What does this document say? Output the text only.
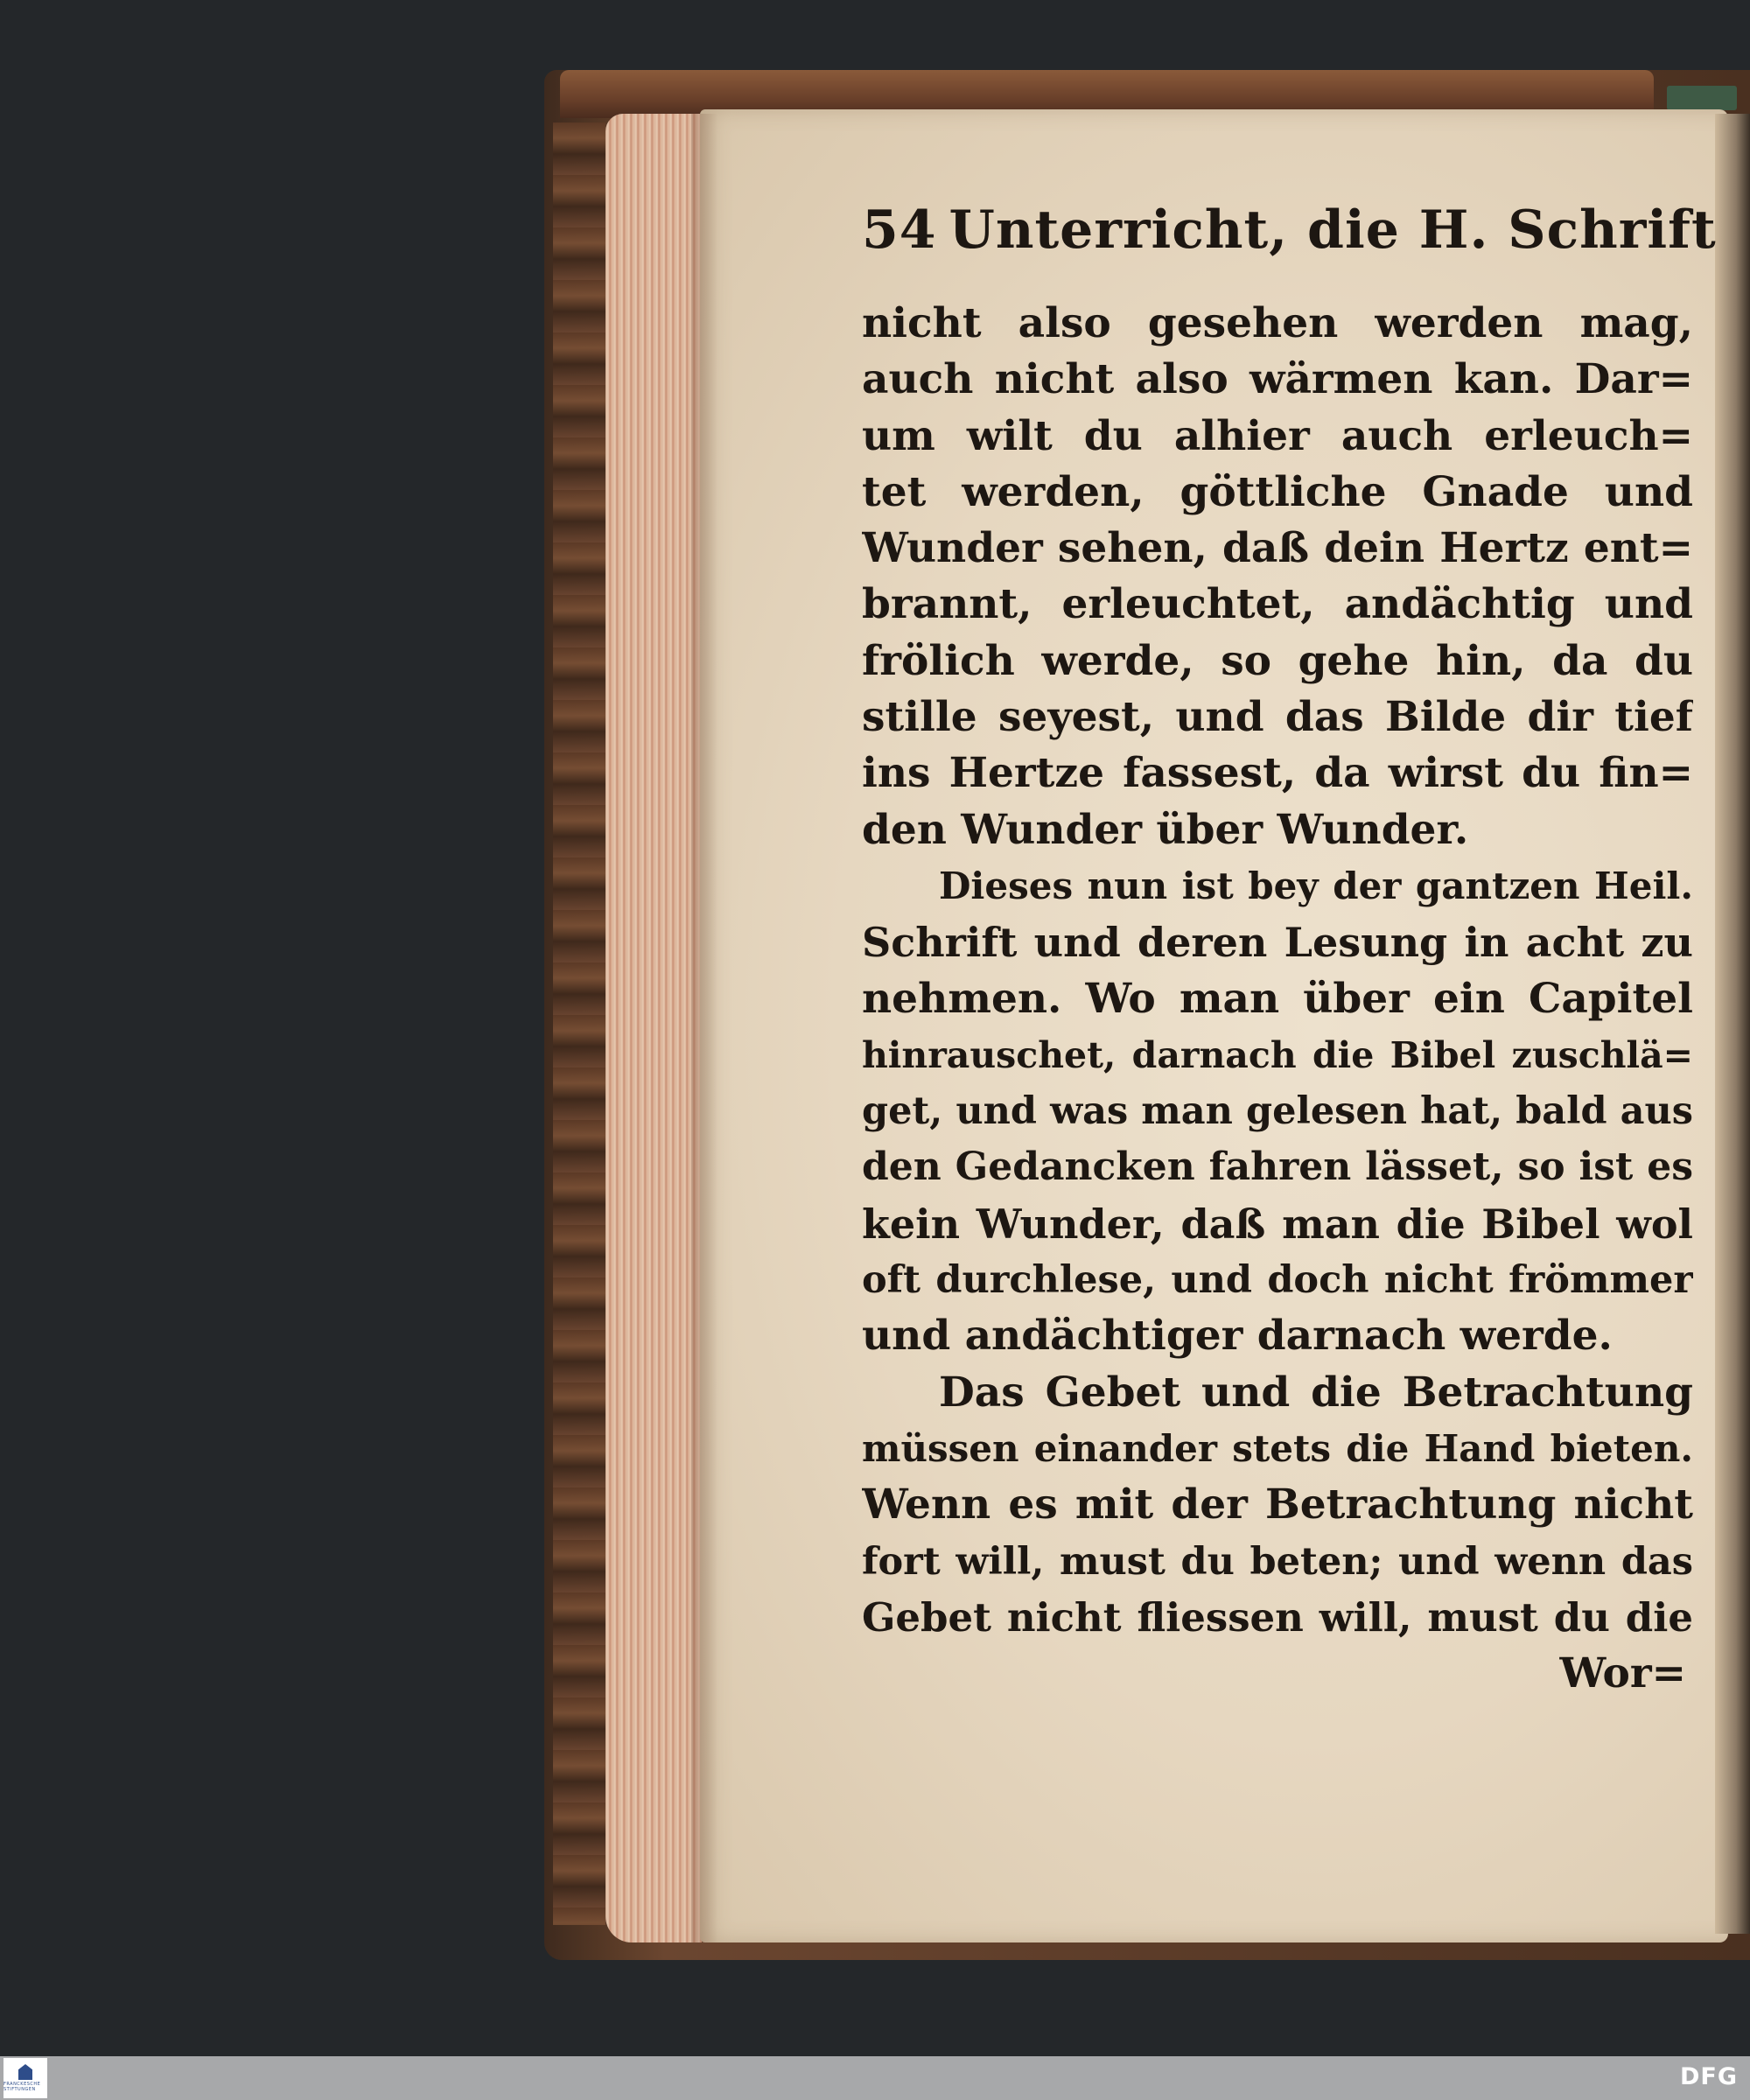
54 Unterricht, die H. Schrift
nicht also gesehen werden mag,
auch nicht also wärmen kan. Dar=
um wilt du alhier auch erleuch=
tet werden, göttliche Gnade und
Wunder sehen, daß dein Hertz ent=
brannt, erleuchtet, andächtig und
frölich werde, so gehe hin, da du
stille seyest, und das Bilde dir tief
ins Hertze fassest, da wirst du fin=
den Wunder über Wunder.
Dieses nun ist bey der gantzen Heil.
Schrift und deren Lesung in acht zu
nehmen. Wo man über ein Capitel
hinrauschet, darnach die Bibel zuschlä=
get, und was man gelesen hat, bald aus
den Gedancken fahren lässet, so ist es
kein Wunder, daß man die Bibel wol
oft durchlese, und doch nicht frömmer
und andächtiger darnach werde.
Das Gebet und die Betrachtung
müssen einander stets die Hand bieten.
Wenn es mit der Betrachtung nicht
fort will, must du beten; und wenn das
Gebet nicht fliessen will, must du die
Wor=
FRANCKESCHE STIFTUNGEN	DFG
